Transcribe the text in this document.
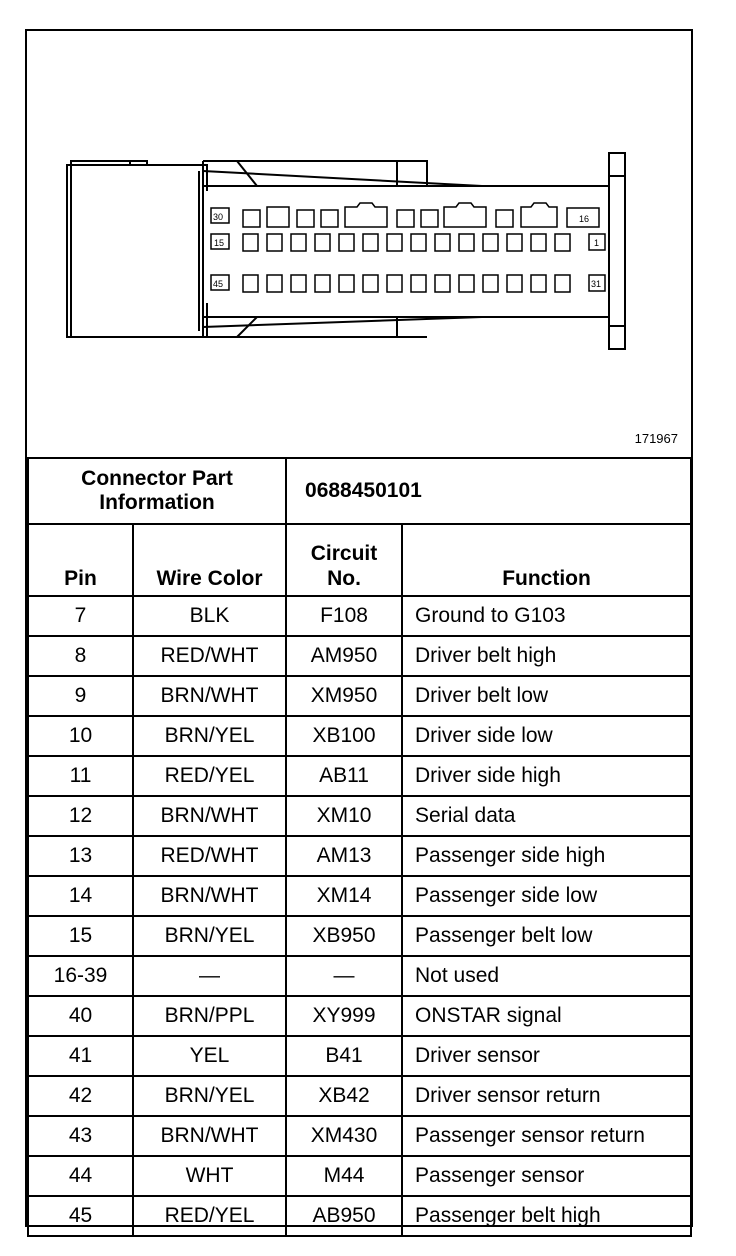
30	16
15	1
45	31
171967
Connector Part Information		0688450101	
Pin	Wire Color	Circuit No.	Function
7	BLK	F108	Ground to G103
8	RED/WHT	AM950	Driver belt high
9	BRN/WHT	XM950	Driver belt low
10	BRN/YEL	XB100	Driver side low
11	RED/YEL	AB11	Driver side high
12	BRN/WHT	XM10	Serial data
13	RED/WHT	AM13	Passenger side high
14	BRN/WHT	XM14	Passenger side low
15	BRN/YEL	XB950	Passenger belt low
16-39	—	—	Not used
40	BRN/PPL	XY999	ONSTAR signal
41	YEL	B41	Driver sensor
42	BRN/YEL	XB42	Driver sensor return
43	BRN/WHT	XM430	Passenger sensor return
44	WHT	M44	Passenger sensor
45	RED/YEL	AB950	Passenger belt high
